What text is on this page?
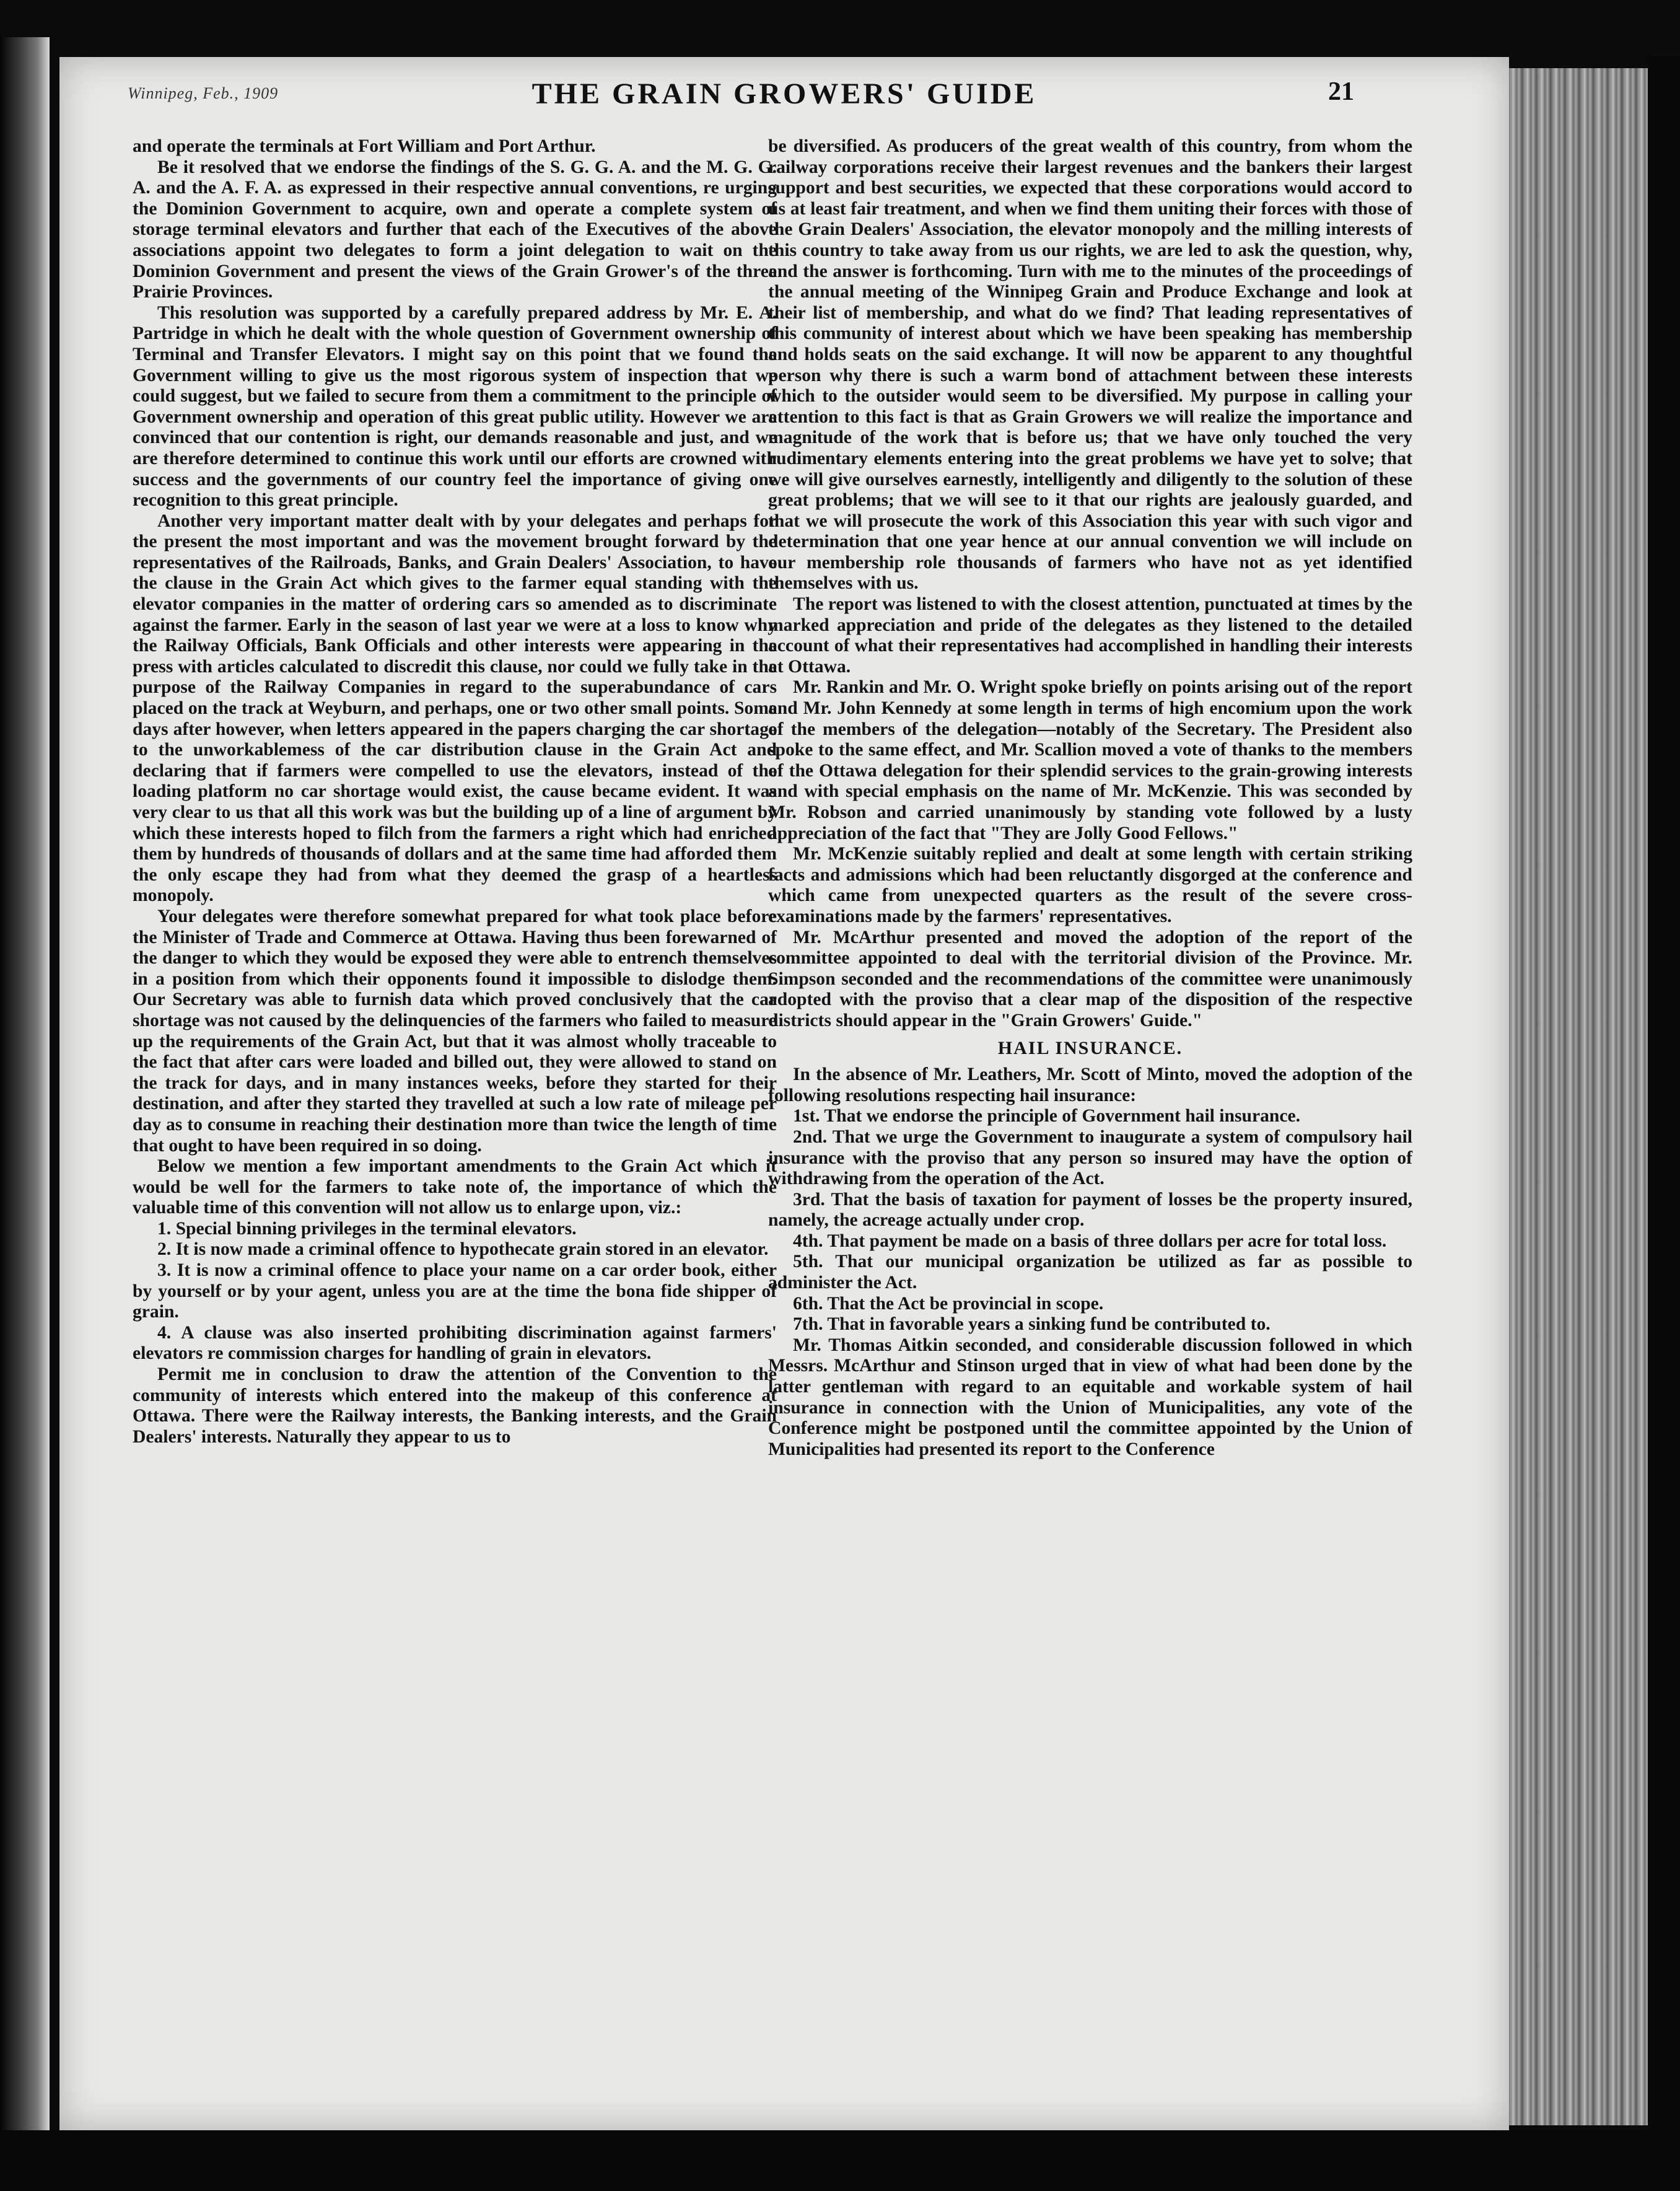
Winnipeg, Feb., 1909	THE GRAIN GROWERS' GUIDE	21

and operate the terminals at Fort William and Port Arthur.

Be it resolved that we endorse the findings of the S. G. G. A. and the M. G. G. A. and the A. F. A. as expressed in their respective annual conventions, re urging the Dominion Government to acquire, own and operate a complete system of storage terminal elevators and further that each of the Executives of the above associations appoint two delegates to form a joint delegation to wait on the Dominion Government and present the views of the Grain Grower's of the three Prairie Provinces.

This resolution was supported by a carefully prepared address by Mr. E. A. Partridge in which he dealt with the whole question of Government ownership of Terminal and Transfer Elevators. I might say on this point that we found the Government willing to give us the most rigorous system of inspection that we could suggest, but we failed to secure from them a commitment to the principle of Government ownership and operation of this great public utility. However we are convinced that our contention is right, our demands reasonable and just, and we are therefore determined to continue this work until our efforts are crowned with success and the governments of our country feel the importance of giving one recognition to this great principle.

Another very important matter dealt with by your delegates and perhaps for the present the most important and was the movement brought forward by the representatives of the Railroads, Banks, and Grain Dealers' Association, to have the clause in the Grain Act which gives to the farmer equal standing with the elevator companies in the matter of ordering cars so amended as to discriminate against the farmer. Early in the season of last year we were at a loss to know why the Railway Officials, Bank Officials and other interests were appearing in the press with articles calculated to discredit this clause, nor could we fully take in the purpose of the Railway Companies in regard to the superabundance of cars placed on the track at Weyburn, and perhaps, one or two other small points. Some days after however, when letters appeared in the papers charging the car shortage to the unworkablemess of the car distribution clause in the Grain Act and declaring that if farmers were compelled to use the elevators, instead of the loading platform no car shortage would exist, the cause became evident. It was very clear to us that all this work was but the building up of a line of argument by which these interests hoped to filch from the farmers a right which had enriched them by hundreds of thousands of dollars and at the same time had afforded them the only escape they had from what they deemed the grasp of a heartless monopoly.

Your delegates were therefore somewhat prepared for what took place before the Minister of Trade and Commerce at Ottawa. Having thus been forewarned of the danger to which they would be exposed they were able to entrench themselves in a position from which their opponents found it impossible to dislodge them. Our Secretary was able to furnish data which proved conclusively that the car shortage was not caused by the delinquencies of the farmers who failed to measure up the requirements of the Grain Act, but that it was almost wholly traceable to the fact that after cars were loaded and billed out, they were allowed to stand on the track for days, and in many instances weeks, before they started for their destination, and after they started they travelled at such a low rate of mileage per day as to consume in reaching their destination more than twice the length of time that ought to have been required in so doing.

Below we mention a few important amendments to the Grain Act which it would be well for the farmers to take note of, the importance of which the valuable time of this convention will not allow us to enlarge upon, viz.:

1. Special binning privileges in the terminal elevators.

2. It is now made a criminal offence to hypothecate grain stored in an elevator.

3. It is now a criminal offence to place your name on a car order book, either by yourself or by your agent, unless you are at the time the bona fide shipper of grain.

4. A clause was also inserted prohibiting discrimination against farmers' elevators re commission charges for handling of grain in elevators.

Permit me in conclusion to draw the attention of the Convention to the community of interests which entered into the makeup of this conference at Ottawa. There were the Railway interests, the Banking interests, and the Grain Dealers' interests. Naturally they appear to us to

be diversified. As producers of the great wealth of this country, from whom the railway corporations receive their largest revenues and the bankers their largest support and best securities, we expected that these corporations would accord to us at least fair treatment, and when we find them uniting their forces with those of the Grain Dealers' Association, the elevator monopoly and the milling interests of this country to take away from us our rights, we are led to ask the question, why, and the answer is forthcoming. Turn with me to the minutes of the proceedings of the annual meeting of the Winnipeg Grain and Produce Exchange and look at their list of membership, and what do we find? That leading representatives of this community of interest about which we have been speaking has membership and holds seats on the said exchange. It will now be apparent to any thoughtful person why there is such a warm bond of attachment between these interests which to the outsider would seem to be diversified. My purpose in calling your attention to this fact is that as Grain Growers we will realize the importance and magnitude of the work that is before us; that we have only touched the very rudimentary elements entering into the great problems we have yet to solve; that we will give ourselves earnestly, intelligently and diligently to the solution of these great problems; that we will see to it that our rights are jealously guarded, and that we will prosecute the work of this Association this year with such vigor and determination that one year hence at our annual convention we will include on our membership role thousands of farmers who have not as yet identified themselves with us.

The report was listened to with the closest attention, punctuated at times by the marked appreciation and pride of the delegates as they listened to the detailed account of what their representatives had accomplished in handling their interests at Ottawa.

Mr. Rankin and Mr. O. Wright spoke briefly on points arising out of the report and Mr. John Kennedy at some length in terms of high encomium upon the work of the members of the delegation—notably of the Secretary. The President also spoke to the same effect, and Mr. Scallion moved a vote of thanks to the members of the Ottawa delegation for their splendid services to the grain-growing interests and with special emphasis on the name of Mr. McKenzie. This was seconded by Mr. Robson and carried unanimously by standing vote followed by a lusty appreciation of the fact that "They are Jolly Good Fellows."

Mr. McKenzie suitably replied and dealt at some length with certain striking facts and admissions which had been reluctantly disgorged at the conference and which came from unexpected quarters as the result of the severe cross-examinations made by the farmers' representatives.

Mr. McArthur presented and moved the adoption of the report of the committee appointed to deal with the territorial division of the Province. Mr. Simpson seconded and the recommendations of the committee were unanimously adopted with the proviso that a clear map of the disposition of the respective districts should appear in the "Grain Growers' Guide."

HAIL INSURANCE.

In the absence of Mr. Leathers, Mr. Scott of Minto, moved the adoption of the following resolutions respecting hail insurance:

1st. That we endorse the principle of Government hail insurance.

2nd. That we urge the Government to inaugurate a system of compulsory hail insurance with the proviso that any person so insured may have the option of withdrawing from the operation of the Act.

3rd. That the basis of taxation for payment of losses be the property insured, namely, the acreage actually under crop.

4th. That payment be made on a basis of three dollars per acre for total loss.

5th. That our municipal organization be utilized as far as possible to administer the Act.

6th. That the Act be provincial in scope.

7th. That in favorable years a sinking fund be contributed to.

Mr. Thomas Aitkin seconded, and considerable discussion followed in which Messrs. McArthur and Stinson urged that in view of what had been done by the latter gentleman with regard to an equitable and workable system of hail insurance in connection with the Union of Municipalities, any vote of the Conference might be postponed until the committee appointed by the Union of Municipalities had presented its report to the Conference
